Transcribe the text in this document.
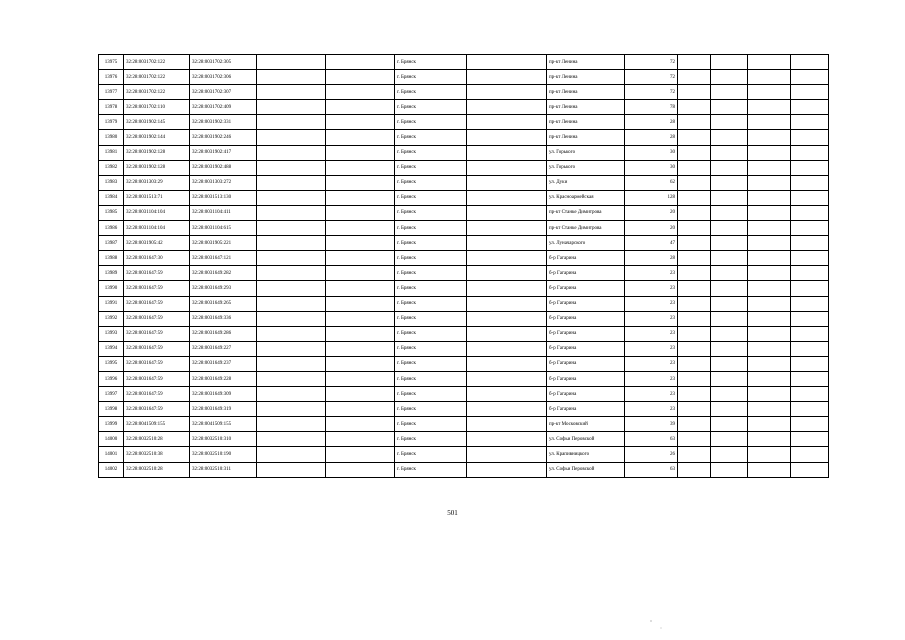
13975	32:28:0031702:122	32:28:0031702:305			г. Брянск		пр-кт Ленина	72				
13976	32:28:0031702:122	32:28:0031702:306			г. Брянск		пр-кт Ленина	72				
13977	32:28:0031702:122	32:28:0031702:307			г. Брянск		пр-кт Ленина	72				
13978	32:28:0031702:110	32:28:0031702:409			г. Брянск		пр-кт Ленина	78				
13979	32:28:0031902:145	32:28:0031902:331			г. Брянск		пр-кт Ленина	28				
13980	32:28:0031902:144	32:28:0031902:246			г. Брянск		пр-кт Ленина	28				
13981	32:28:0031902:128	32:28:0031902:417			г. Брянск		ул. Горького	30				
13982	32:28:0031902:128	32:28:0031902:488			г. Брянск		ул. Горького	30				
13983	32:28:0031303:29	32:28:0031303:272			г. Брянск		ул. Дуки	62				
13984	32:28:0031513:71	32:28:0031513:130			г. Брянск		ул. Красноармейская	128				
13985	32:28:0031104:104	32:28:0031104:411			г. Брянск		пр-кт Станке Димитрова	20				
13986	32:28:0031104:104	32:28:0031104:615			г. Брянск		пр-кт Станке Димитрова	20				
13987	32:28:0031905:42	32:28:0031905:221			г. Брянск		ул. Луначарского	47				
13988	32:28:0031647:30	32:28:0031647:121			г. Брянск		б-р Гагарина	28				
13989	32:28:0031647:59	32:28:0031649:282			г. Брянск		б-р Гагарина	23				
13990	32:28:0031647:59	32:28:0031649:293			г. Брянск		б-р Гагарина	23				
13991	32:28:0031647:59	32:28:0031649:265			г. Брянск		б-р Гагарина	23				
13992	32:28:0031647:59	32:28:0031649:336			г. Брянск		б-р Гагарина	23				
13993	32:28:0031647:59	32:28:0031649:286			г. Брянск		б-р Гагарина	23				
13994	32:28:0031647:59	32:28:0031649:227			г. Брянск		б-р Гагарина	23				
13995	32:28:0031647:59	32:28:0031649:237			г. Брянск		б-р Гагарина	23				
13996	32:28:0031647:59	32:28:0031649:228			г. Брянск		б-р Гагарина	23				
13997	32:28:0031647:59	32:28:0031649:309			г. Брянск		б-р Гагарина	23				
13998	32:28:0031647:59	32:28:0031649:319			г. Брянск		б-р Гагарина	23				
13999	32:28:0041509:155	32:28:0041509:155			г. Брянск		пр-кт Московский	39				
14000	32:28:0032510:28	32:28:0032510:310			г. Брянск		ул. Софьи Перовской	63				
14001	32:28:0032510:38	32:28:0032510:190			г. Брянск		ул. Крапивницкого	26				
14002	32:28:0032510:28	32:28:0032510:311			г. Брянск		ул. Софьи Перовской	63				
501
